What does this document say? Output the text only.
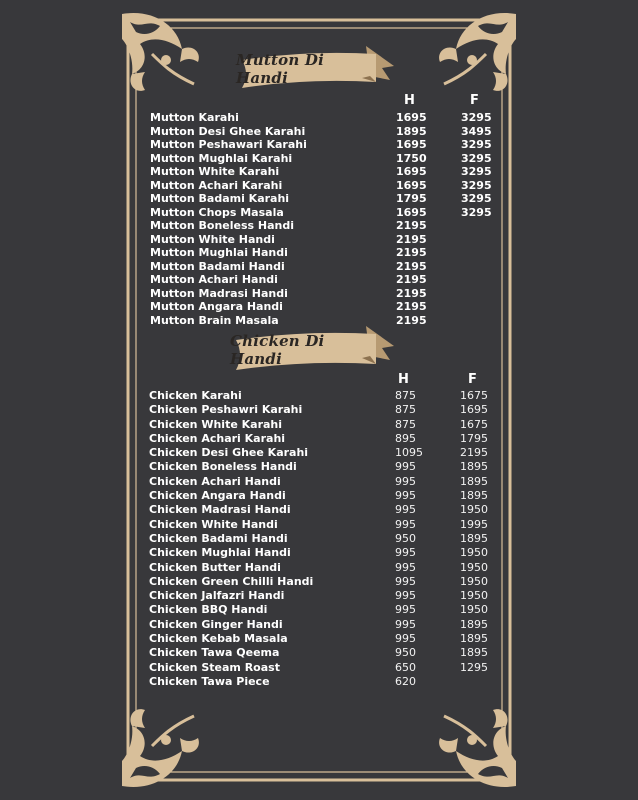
Mutton Di Handi
H	F
Mutton Karahi	1695	3295
Mutton Desi Ghee Karahi	1895	3495
Mutton Peshawari Karahi	1695	3295
Mutton Mughlai Karahi	1750	3295
Mutton White Karahi	1695	3295
Mutton Achari Karahi	1695	3295
Mutton Badami Karahi	1795	3295
Mutton Chops Masala	1695	3295
Mutton Boneless Handi	2195
Mutton White Handi	2195
Mutton Mughlai Handi	2195
Mutton Badami Handi	2195
Mutton Achari Handi	2195
Mutton Madrasi Handi	2195
Mutton Angara Handi	2195
Mutton Brain Masala	2195
Chicken Di Handi
H	F
Chicken Karahi	875	1675
Chicken Peshawri Karahi	875	1695
Chicken White Karahi	875	1675
Chicken Achari Karahi	895	1795
Chicken Desi Ghee Karahi	1095	2195
Chicken Boneless Handi	995	1895
Chicken Achari Handi	995	1895
Chicken Angara Handi	995	1895
Chicken Madrasi Handi	995	1950
Chicken White Handi	995	1995
Chicken Badami Handi	950	1895
Chicken Mughlai Handi	995	1950
Chicken Butter Handi	995	1950
Chicken Green Chilli Handi	995	1950
Chicken Jalfazri Handi	995	1950
Chicken BBQ Handi	995	1950
Chicken Ginger Handi	995	1895
Chicken Kebab Masala	995	1895
Chicken Tawa Qeema	950	1895
Chicken Steam Roast	650	1295
Chicken Tawa Piece	620
